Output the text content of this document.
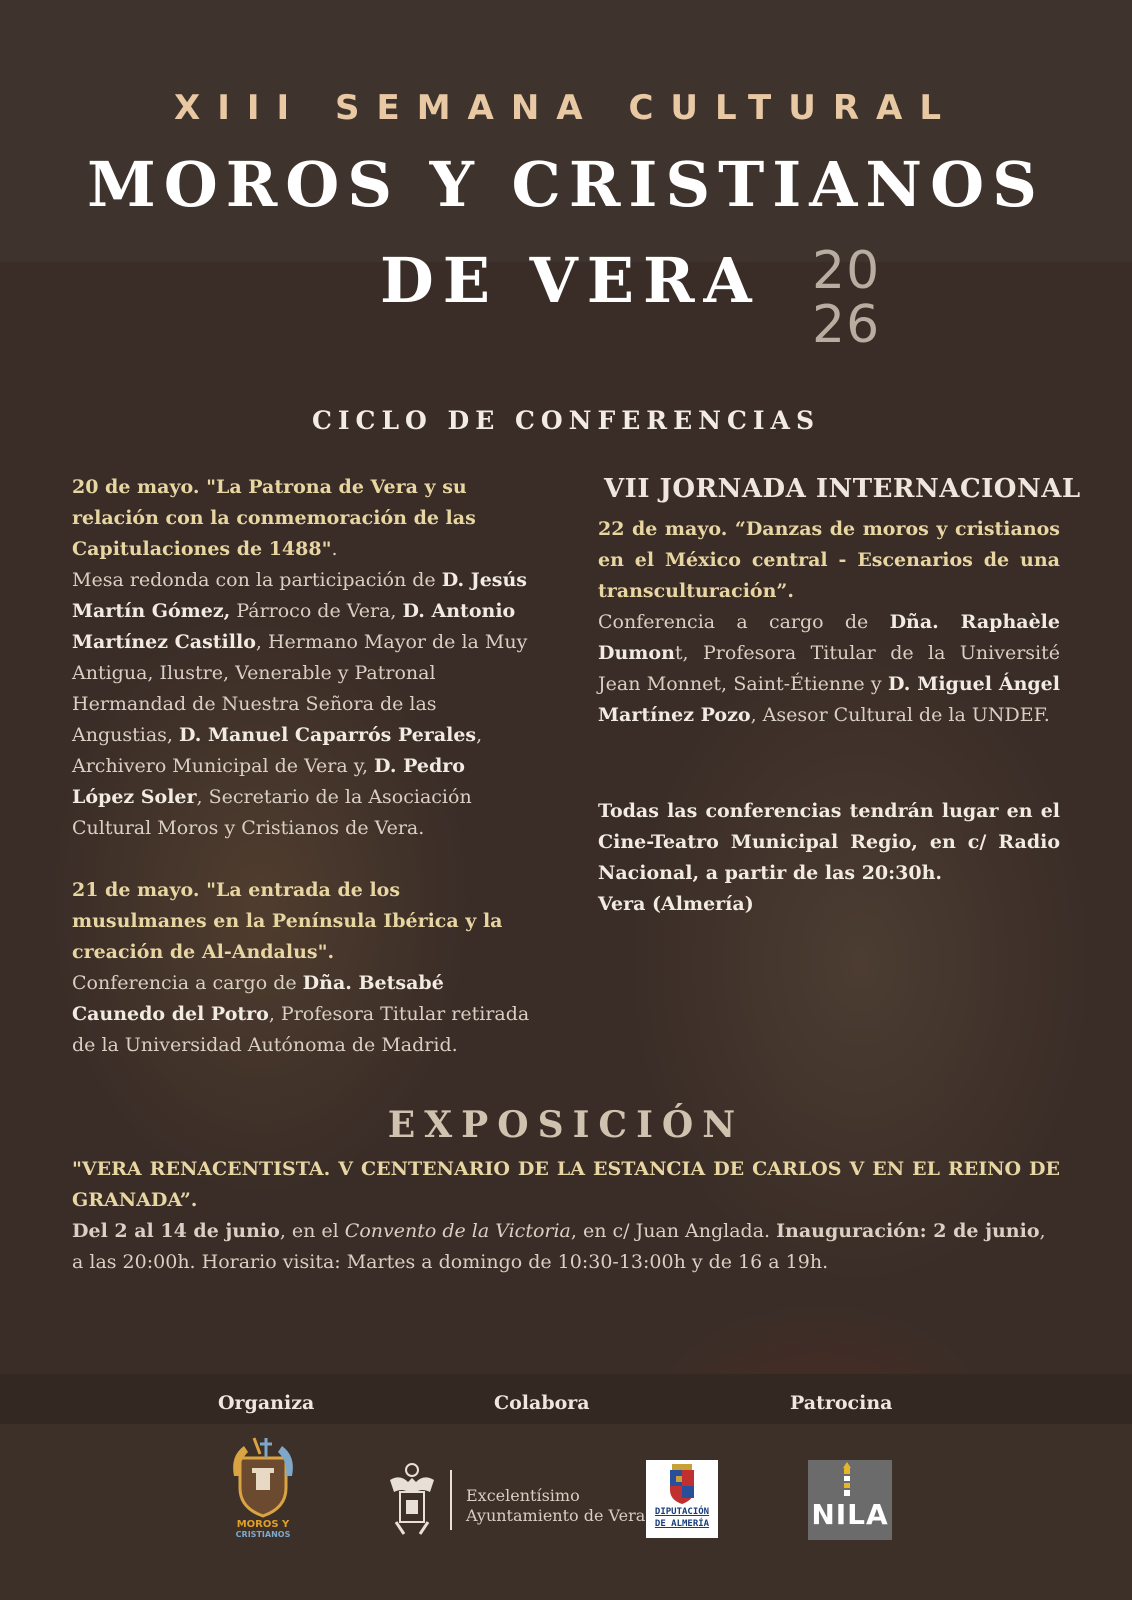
XIII SEMANA CULTURAL
MOROS Y CRISTIANOS
DE VERA 20
26
CICLO DE CONFERENCIAS
20 de mayo. "La Patrona de Vera y su relación con la conmemoración de las Capitulaciones de 1488".
Mesa redonda con la participación de D. Jesús Martín Gómez, Párroco de Vera, D. Antonio Martínez Castillo, Hermano Mayor de la Muy Antigua, Ilustre, Venerable y Patronal Hermandad de Nuestra Señora de las Angustias, D. Manuel Caparrós Perales, Archivero Municipal de Vera y, D. Pedro López Soler, Secretario de la Asociación Cultural Moros y Cristianos de Vera.
21 de mayo. "La entrada de los musulmanes en la Península Ibérica y la creación de Al-Andalus".
Conferencia a cargo de Dña. Betsabé Caunedo del Potro, Profesora Titular retirada de la Universidad Autónoma de Madrid.
VII JORNADA INTERNACIONAL
22 de mayo. “Danzas de moros y cristianos en el México central - Escenarios de una transculturación”.
Conferencia a cargo de Dña. Raphaèle Dumont, Profesora Titular de la Université Jean Monnet, Saint-Étienne y D. Miguel Ángel Martínez Pozo, Asesor Cultural de la UNDEF.
Todas las conferencias tendrán lugar en el Cine-Teatro Municipal Regio, en c/ Radio Nacional, a partir de las 20:30h.
Vera (Almería)
EXPOSICIÓN
"VERA RENACENTISTA. V CENTENARIO DE LA ESTANCIA DE CARLOS V EN EL REINO DE GRANADA”.
Del 2 al 14 de junio, en el Convento de la Victoria, en c/ Juan Anglada. Inauguración: 2 de junio, a las 20:00h. Horario visita: Martes a domingo de 10:30-13:00h y de 16 a 19h.
Organiza	Colabora	Patrocina
MOROS Y
CRISTIANOS
Excelentísimo
Ayuntamiento de Vera	DIPUTACIÓN
DE ALMERÍA	NILA
